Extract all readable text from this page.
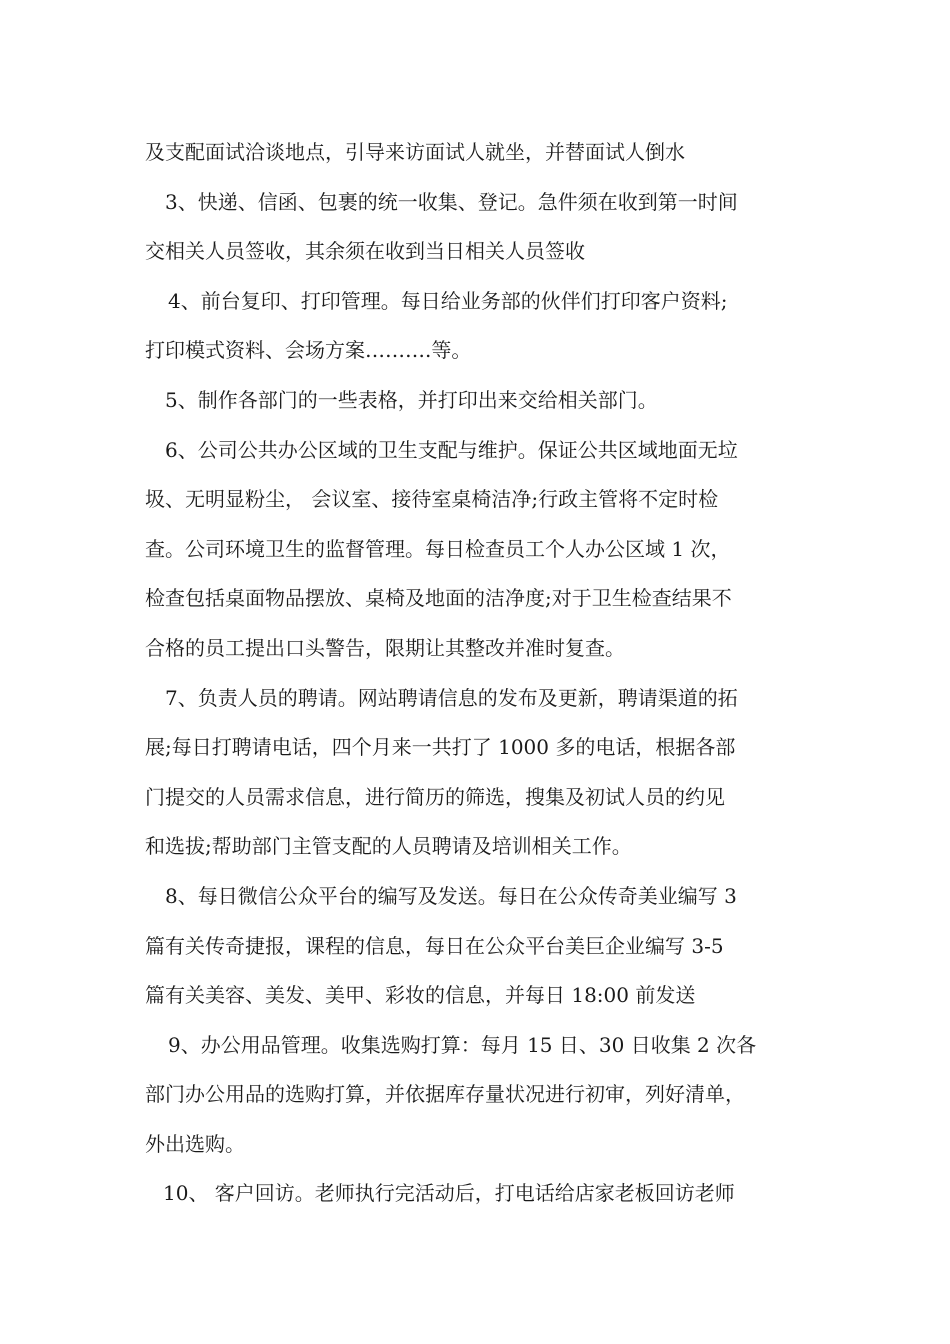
及支配面试洽谈地点，引导来访面试人就坐，并替面试人倒水
3、快递、信函、包裹的统一收集、登记。急件须在收到第一时间
交相关人员签收，其余须在收到当日相关人员签收
4、前台复印、打印管理。每日给业务部的伙伴们打印客户资料;
打印模式资料、会场方案……….等。
5、制作各部门的一些表格，并打印出来交给相关部门。
6、公司公共办公区域的卫生支配与维护。保证公共区域地面无垃
圾、无明显粉尘， 会议室、接待室桌椅洁净;行政主管将不定时检
查。公司环境卫生的监督管理。每日检查员工个人办公区域 1 次，
检查包括桌面物品摆放、桌椅及地面的洁净度;对于卫生检查结果不
合格的员工提出口头警告，限期让其整改并准时复查。
7、负责人员的聘请。网站聘请信息的发布及更新，聘请渠道的拓
展;每日打聘请电话，四个月来一共打了 1000 多的电话，根据各部
门提交的人员需求信息，进行简历的筛选，搜集及初试人员的约见
和选拔;帮助部门主管支配的人员聘请及培训相关工作。
8、每日微信公众平台的编写及发送。每日在公众传奇美业编写 3
篇有关传奇捷报，课程的信息，每日在公众平台美巨企业编写 3-5
篇有关美容、美发、美甲、彩妆的信息，并每日 18:00 前发送
9、办公用品管理。收集选购打算：每月 15 日、30 日收集 2 次各
部门办公用品的选购打算，并依据库存量状况进行初审，列好清单，
外出选购。
10、 客户回访。老师执行完活动后，打电话给店家老板回访老师
